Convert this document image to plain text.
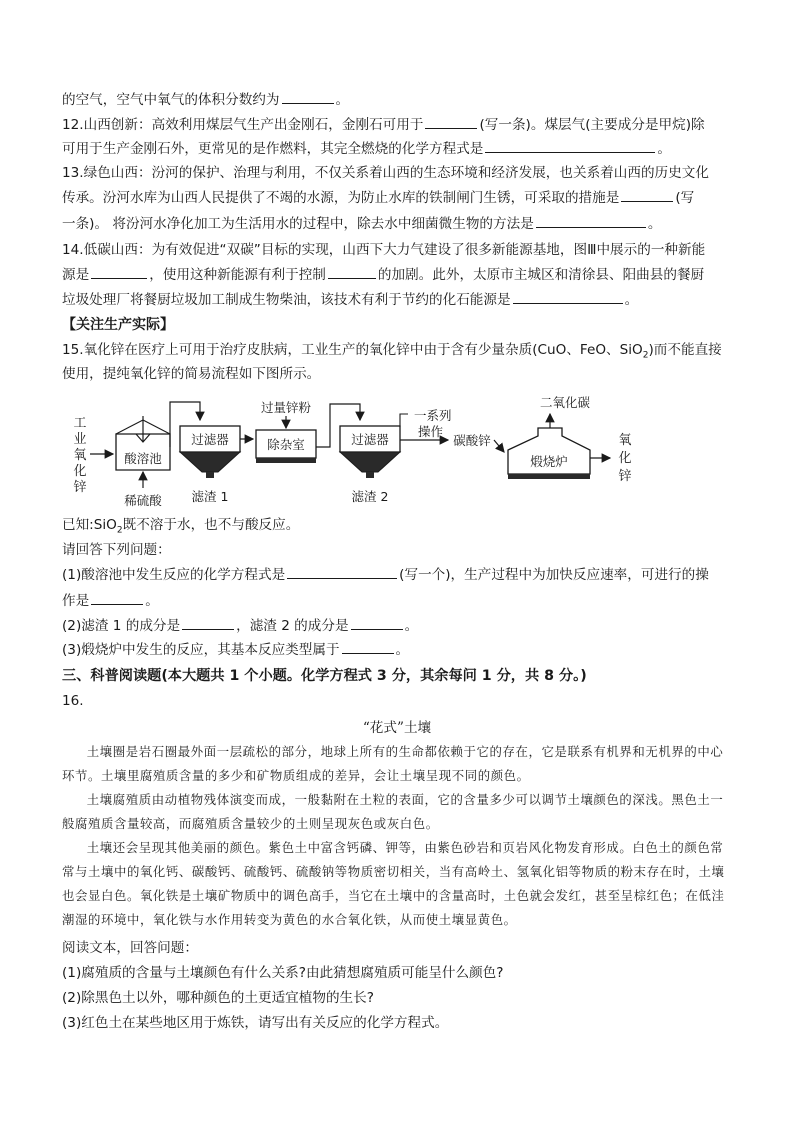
的空气，空气中氧气的体积分数约为	。
12.山西创新：高效利用煤层气生产出金刚石，金刚石可用于	(写一条)。煤层气(主要成分是甲烷)除
可用于生产金刚石外，更常见的是作燃料，其完全燃烧的化学方程式是	。
13.绿色山西：汾河的保护、治理与利用，不仅关系着山西的生态环境和经济发展，也关系着山西的历史文化
传承。汾河水库为山西人民提供了不竭的水源，为防止水库的铁制闸门生锈，可采取的措施是	(写
一条)。 将汾河水净化加工为生活用水的过程中，除去水中细菌微生物的方法是	。
14.低碳山西：为有效促进“双碳”目标的实现，山西下大力气建设了很多新能源基地，图Ⅲ中展示的一种新能
源是	，使用这种新能源有利于控制	的加剧。此外，太原市主城区和清徐县、阳曲县的餐厨
垃圾处理厂将餐厨垃圾加工制成生物柴油，该技术有利于节约的化石能源是	。
【关注生产实际】
15.氧化锌在医疗上可用于治疗皮肤病，工业生产的氧化锌中由于含有少量杂质(CuO、FeO、SiO$_2$)而不能直接
使用，提纯氧化锌的简易流程如下图所示。
工
业
氧
化
锌
酸溶池
稀硫酸
过滤器
滤渣 1
过量锌粉
除杂室	过滤器
滤渣 2
一系列
操作
碳酸锌
二氧化碳
煅烧炉
氧
化
锌
已知:SiO$_2$既不溶于水，也不与酸反应。
请回答下列问题：
(1)酸溶池中发生反应的化学方程式是	(写一个)，生产过程中为加快反应速率，可进行的操
作是	。
(2)滤渣 1 的成分是	，滤渣 2 的成分是	。
(3)煅烧炉中发生的反应，其基本反应类型属于	。
三、科普阅读题(本大题共 1 个小题。化学方程式 3 分，其余每问 1 分，共 8 分。)
16.
“花式”土壤

土壤圈是岩石圈最外面一层疏松的部分，地球上所有的生命都依赖于它的存在，它是联系有机界和无机界的中心环节。土壤里腐殖质含量的多少和矿物质组成的差异，会让土壤呈现不同的颜色。

土壤腐殖质由动植物残体演变而成，一般黏附在土粒的表面，它的含量多少可以调节土壤颜色的深浅。黑色土一般腐殖质含量较高，而腐殖质含量较少的土则呈现灰色或灰白色。

土壤还会呈现其他美丽的颜色。紫色土中富含钙磷、钾等，由紫色砂岩和页岩风化物发育形成。白色土的颜色常常与土壤中的氧化钙、碳酸钙、硫酸钙、硫酸钠等物质密切相关，当有高岭土、氢氧化铝等物质的粉末存在时，土壤也会显白色。氧化铁是土壤矿物质中的调色高手，当它在土壤中的含量高时，土色就会发红，甚至呈棕红色；在低洼潮湿的环境中，氧化铁与水作用转变为黄色的水合氧化铁，从而使土壤显黄色。

阅读文本，回答问题：
(1)腐殖质的含量与土壤颜色有什么关系?由此猜想腐殖质可能呈什么颜色?
(2)除黑色土以外，哪种颜色的土更适宜植物的生长?
(3)红色土在某些地区用于炼铁，请写出有关反应的化学方程式。
